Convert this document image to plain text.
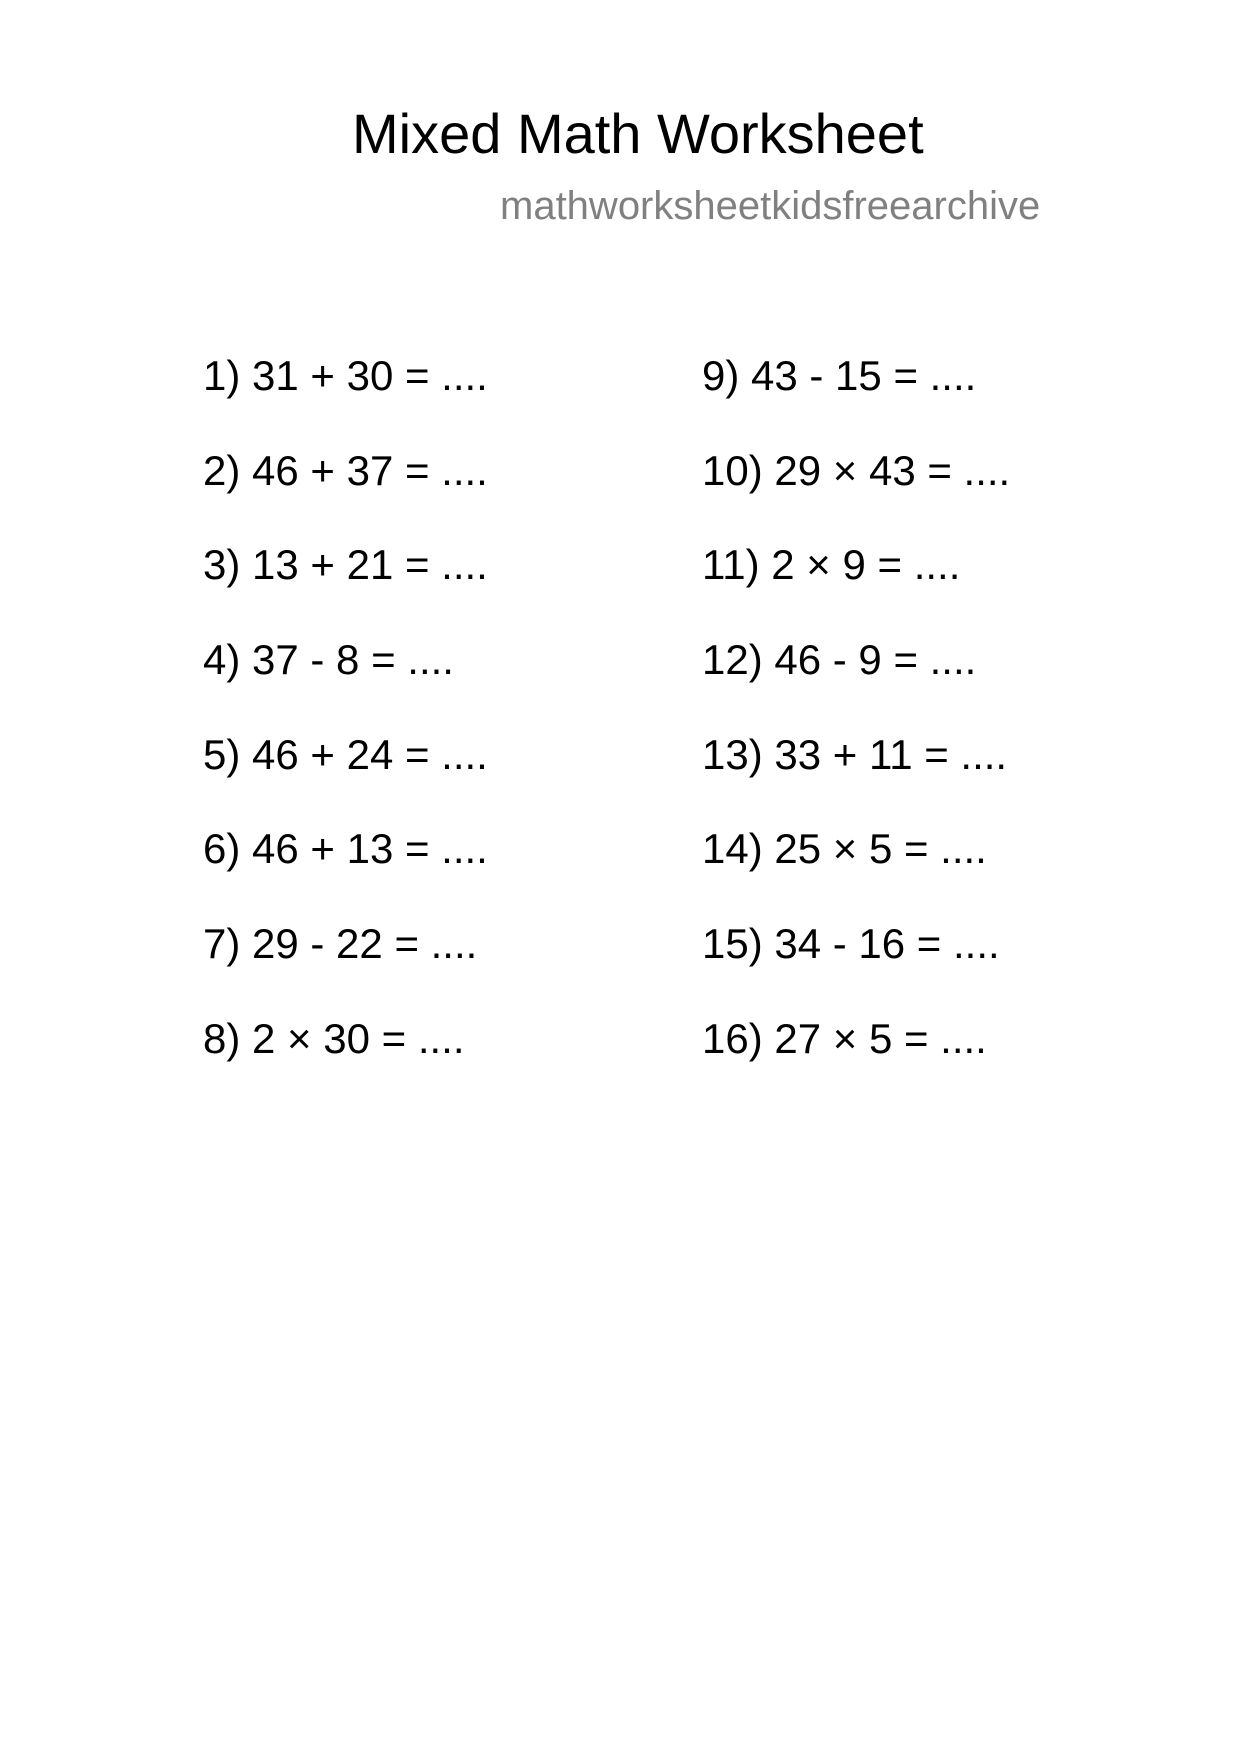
Mixed Math Worksheet
mathworksheetkidsfreearchive
1) 31 + 30 = ....
2) 46 + 37 = ....
3) 13 + 21 = ....
4) 37 - 8 = ....
5) 46 + 24 = ....
6) 46 + 13 = ....
7) 29 - 22 = ....
8) 2 × 30 = ....
9) 43 - 15 = ....
10) 29 × 43 = ....
11) 2 × 9 = ....
12) 46 - 9 = ....
13) 33 + 11 = ....
14) 25 × 5 = ....
15) 34 - 16 = ....
16) 27 × 5 = ....
